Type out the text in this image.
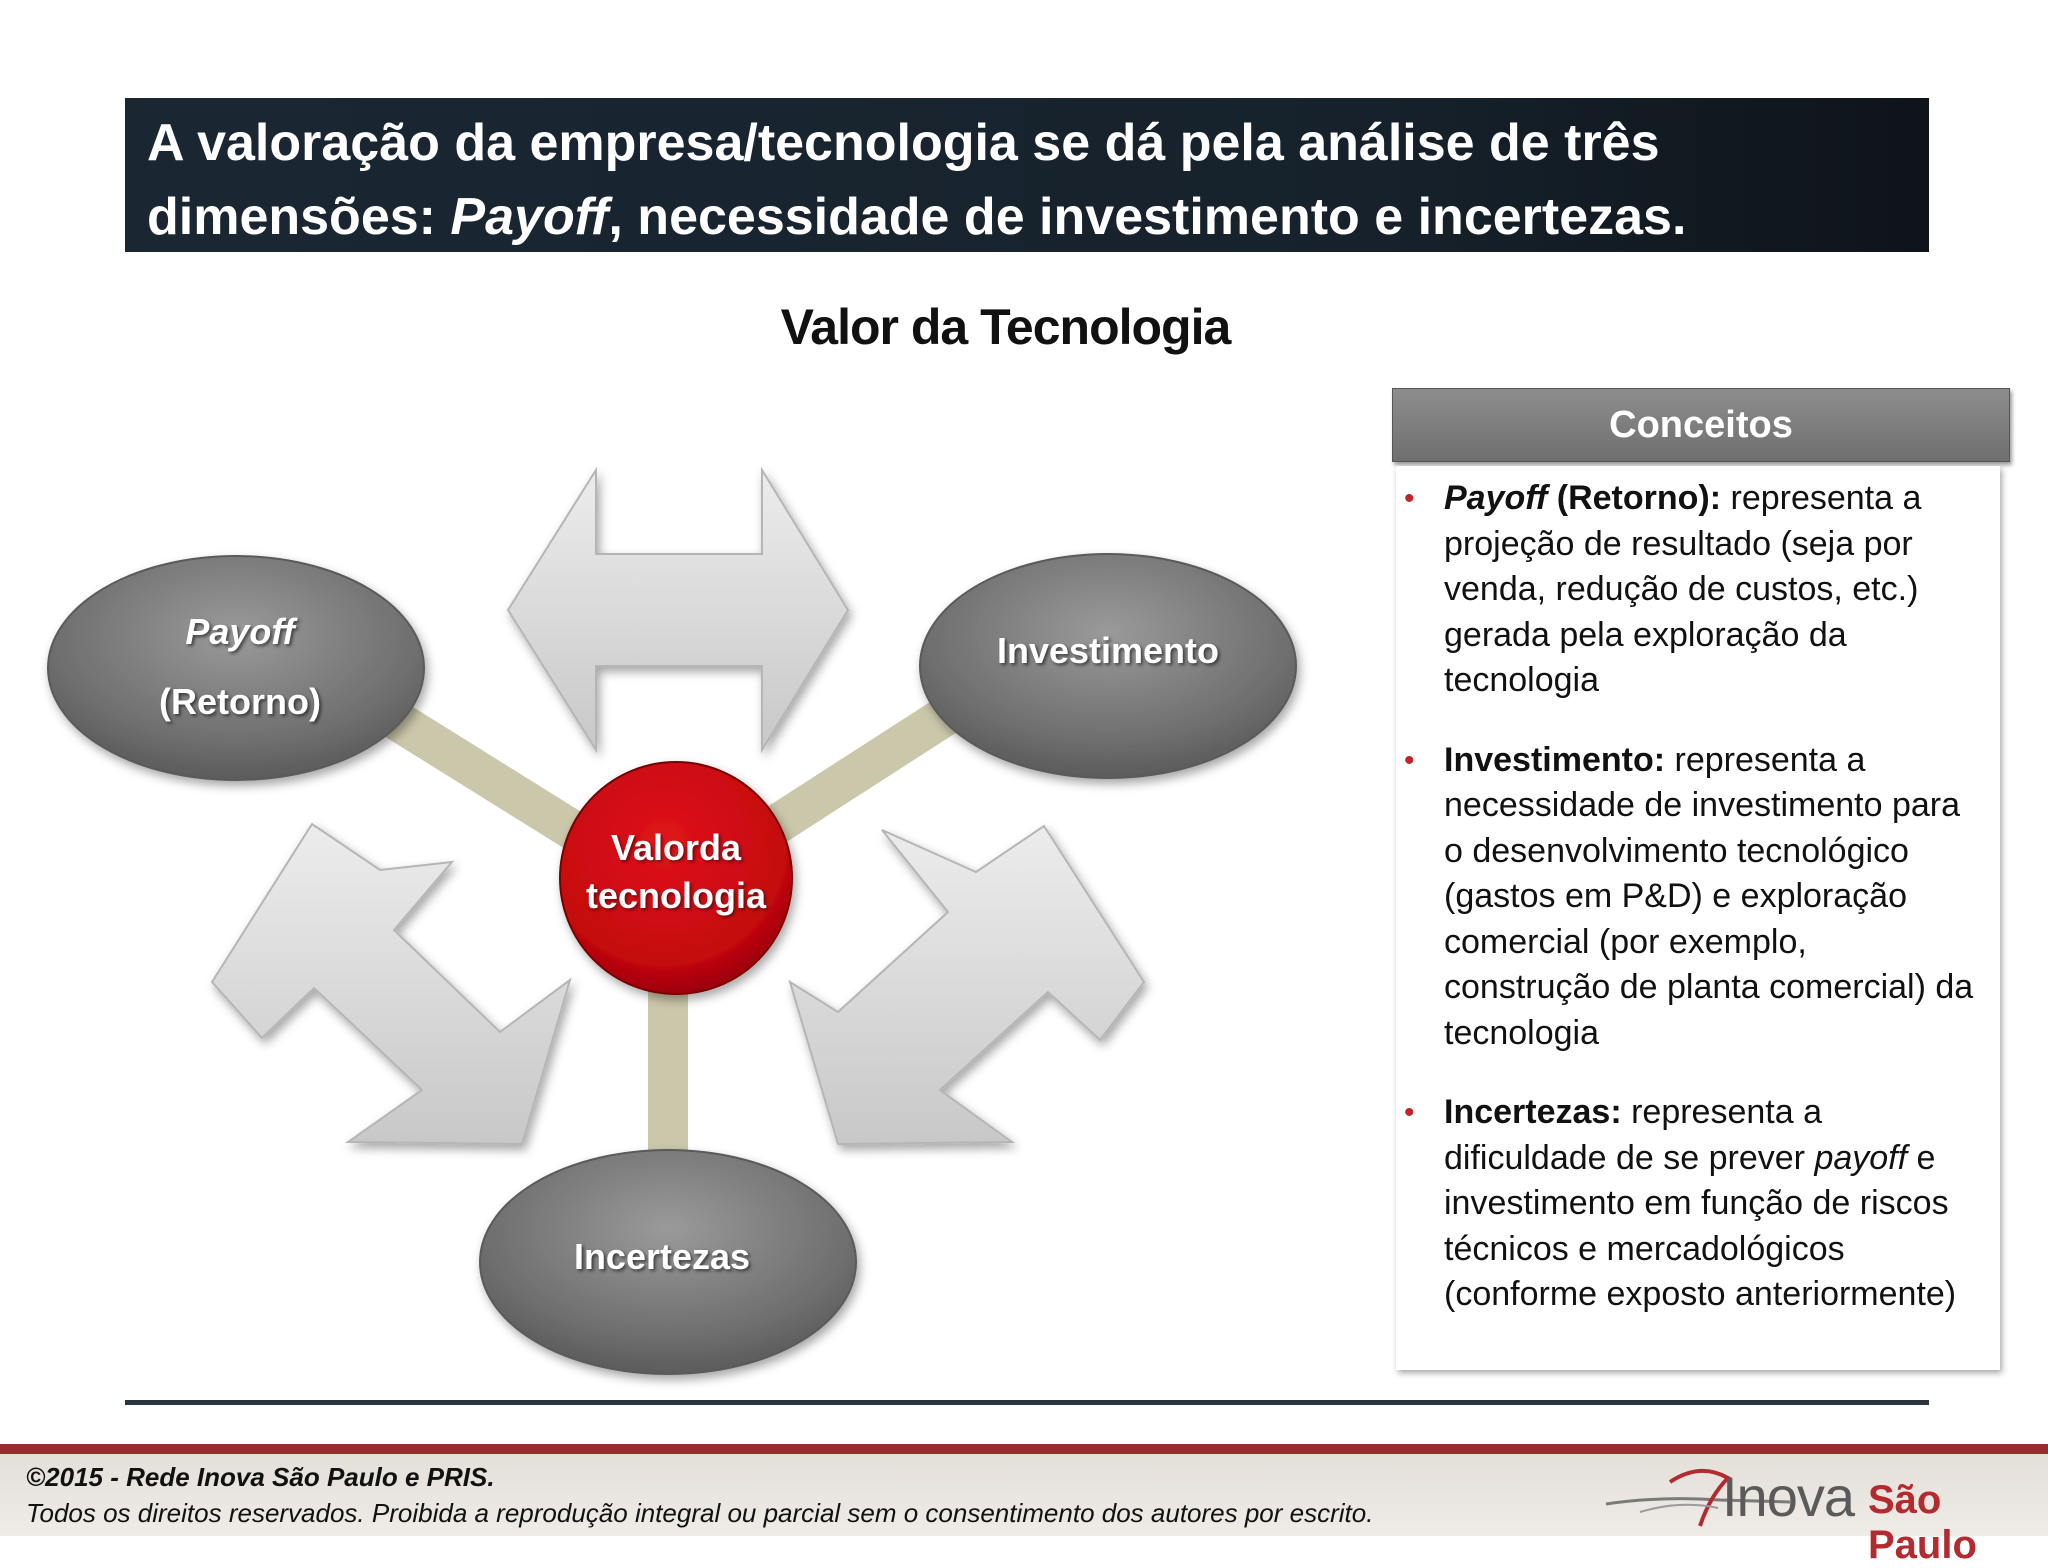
A valoração da empresa/tecnologia se dá pela análise de três
dimensões: Payoff, necessidade de investimento e incertezas.
Valor da Tecnologia
Payoff
(Retorno)
Investimento
Incertezas
Valorda
tecnologia
Conceitos
• Payoff (Retorno): representa a projeção de resultado (seja por venda, redução de custos, etc.) gerada pela exploração da tecnologia
• Investimento: representa a necessidade de investimento para o desenvolvimento tecnológico (gastos em P&D) e exploração comercial (por exemplo, construção de planta comercial) da tecnologia
• Incertezas: representa a dificuldade de se prever payoff e investimento em função de riscos técnicos e mercadológicos (conforme exposto anteriormente)
©2015 - Rede Inova São Paulo e PRIS.
Todos os direitos reservados. Proibida a reprodução integral ou parcial sem o consentimento dos autores por escrito.	Inova São Paulo
